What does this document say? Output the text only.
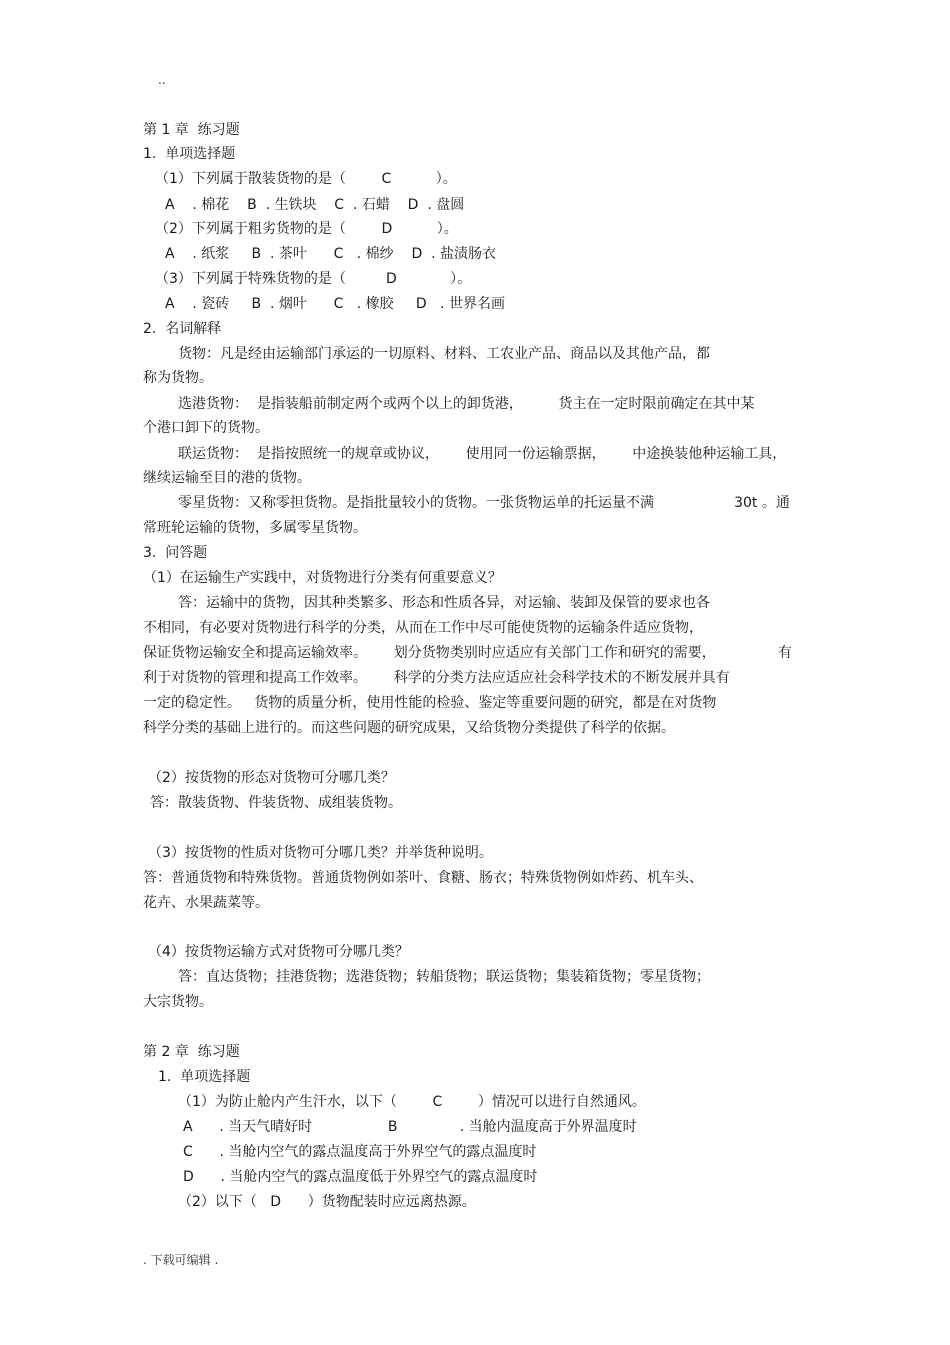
..
第 1 章  练习题
1.  单项选择题
（1）下列属于散装货物的是（        C          ）。
A    . 棉花    B  . 生铁块    C  . 石蜡    D  . 盘圆
（2）下列属于粗劣货物的是（        D          ）。
A    . 纸浆     B  . 茶叶      C   . 棉纱    D  . 盐渍肠衣
（3）下列属于特殊货物的是（         D            ）。
A    . 瓷砖     B  . 烟叶      C   . 橡胶     D   . 世界名画
2.  名词解释
货物：凡是经由运输部门承运的一切原料、材料、工农业产品、商品以及其他产品，都
称为货物。
选港货物：  是指装船前制定两个或两个以上的卸货港，        货主在一定时限前确定在其中某
个港口卸下的货物。
联运货物：  是指按照统一的规章或协议，      使用同一份运输票据，      中途换装他种运输工具，
继续运输至目的港的货物。
零星货物：又称零担货物。是指批量较小的货物。一张货物运单的托运量不满                  30t 。通
常班轮运输的货物，多属零星货物。
3.  问答题
（1）在运输生产实践中，对货物进行分类有何重要意义？
答：运输中的货物，因其种类繁多、形态和性质各异，对运输、装卸及保管的要求也各
不相同，有必要对货物进行科学的分类，从而在工作中尽可能使货物的运输条件适应货物，
保证货物运输安全和提高运输效率。      划分货物类别时应适应有关部门工作和研究的需要，              有
利于对货物的管理和提高工作效率。      科学的分类方法应适应社会科学技术的不断发展并具有
一定的稳定性。   货物的质量分析，使用性能的检验、鉴定等重要问题的研究，都是在对货物
科学分类的基础上进行的。而这些问题的研究成果，又给货物分类提供了科学的依据。
（2）按货物的形态对货物可分哪几类？
答：散装货物、件装货物、成组装货物。
（3）按货物的性质对货物可分哪几类？并举货种说明。
答：普通货物和特殊货物。普通货物例如茶叶、食糖、肠衣；特殊货物例如炸药、机车头、
花卉、水果蔬菜等。
（4）按货物运输方式对货物可分哪几类？
答：直达货物；挂港货物；选港货物；转船货物；联运货物；集装箱货物；零星货物；
大宗货物。
第 2 章  练习题
1.  单项选择题
（1）为防止舱内产生汗水，以下（        C        ）情况可以进行自然通风。
A      . 当天气晴好时                 B              . 当舱内温度高于外界温度时
C      . 当舱内空气的露点温度高于外界空气的露点温度时
D      . 当舱内空气的露点温度低于外界空气的露点温度时
（2）以下（   D      ）货物配装时应远离热源。
. 下载可编辑 .
